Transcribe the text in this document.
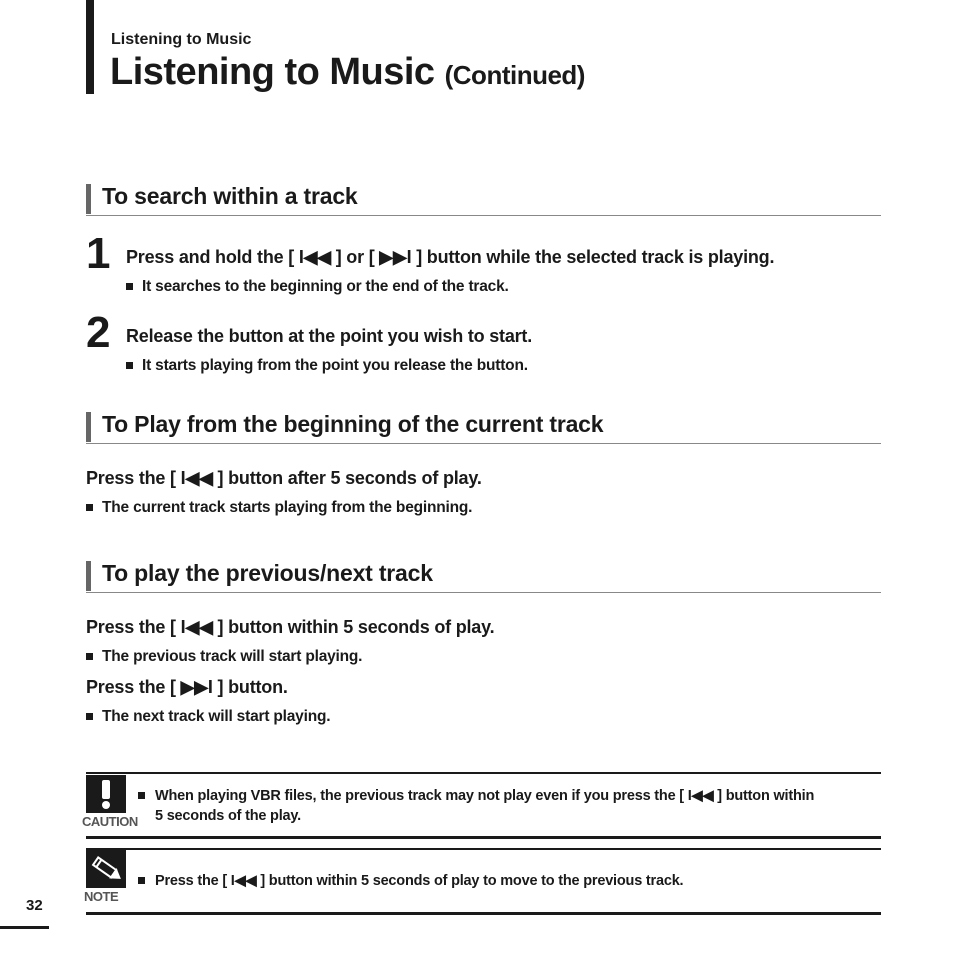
Listening to Music
Listening to Music (Continued)
To search within a track
1 Press and hold the [ I◀◀ ] or [ ▶▶I ] button while the selected track is playing.
It searches to the beginning or the end of the track.
2 Release the button at the point you wish to start.
It starts playing from the point you release the button.
To Play from the beginning of the current track
Press the [ I◀◀ ] button after 5 seconds of play.
The current track starts playing from the beginning.
To play the previous/next track
Press the [ I◀◀ ] button within 5 seconds of play.
The previous track will start playing.
Press the [ ▶▶I ] button.
The next track will start playing.
CAUTION
When playing VBR files, the previous track may not play even if you press the [ I◀◀ ] button within
5 seconds of the play.
NOTE
Press the [ I◀◀ ] button within 5 seconds of play to move to the previous track.
32
